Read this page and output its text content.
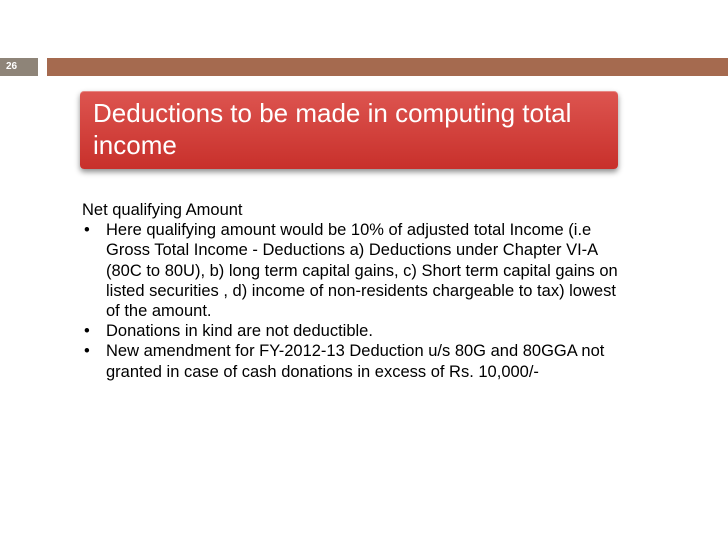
26
Deductions to be made in computing total income

Net qualifying Amount

• Here qualifying amount would be 10% of adjusted total Income (i.e Gross Total Income - Deductions a) Deductions under Chapter VI-A (80C to 80U), b) long term capital gains, c) Short term capital gains on listed securities , d) income of non-residents chargeable to tax) lowest of the amount.
• Donations in kind are not deductible.
• New amendment for FY-2012-13 Deduction u/s 80G and 80GGA not granted in case of cash donations in excess of Rs. 10,000/-
